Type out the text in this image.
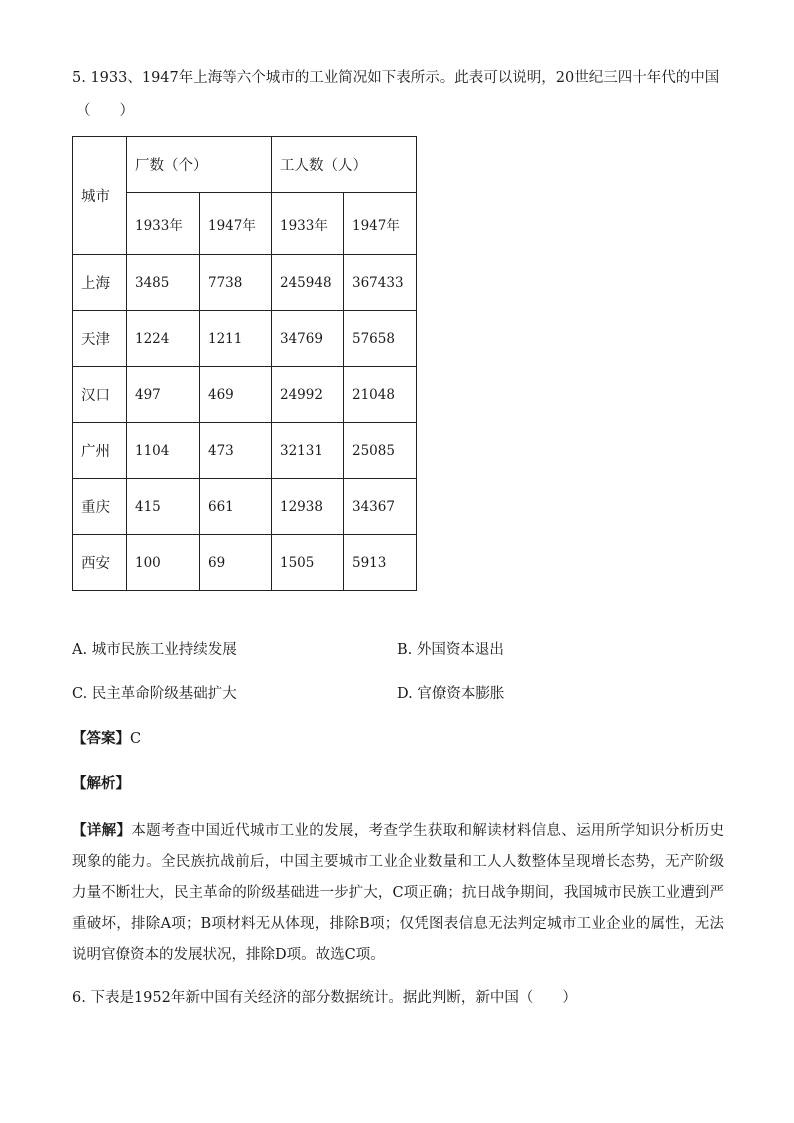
5. 1933、1947年上海等六个城市的工业简况如下表所示。此表可以说明，20世纪三四十年代的中国
（　　）
城市	厂数（个）		工人数（人）	
	1933年	1947年	1933年	1947年
上海	3485	7738	245948	367433
天津	1224	1211	34769	57658
汉口	497	469	24992	21048
广州	1104	473	32131	25085
重庆	415	661	12938	34367
西安	100	69	1505	5913
A. 城市民族工业持续发展	B. 外国资本退出
C. 民主革命阶级基础扩大	D. 官僚资本膨胀
【答案】C
【解析】
【详解】本题考查中国近代城市工业的发展，考查学生获取和解读材料信息、运用所学知识分析历史现象的能力。全民族抗战前后，中国主要城市工业企业数量和工人人数整体呈现增长态势，无产阶级力量不断壮大，民主革命的阶级基础进一步扩大，C项正确；抗日战争期间，我国城市民族工业遭到严重破坏，排除A项；B项材料无从体现，排除B项；仅凭图表信息无法判定城市工业企业的属性，无法说明官僚资本的发展状况，排除D项。故选C项。
6. 下表是1952年新中国有关经济的部分数据统计。据此判断，新中国（　　）
